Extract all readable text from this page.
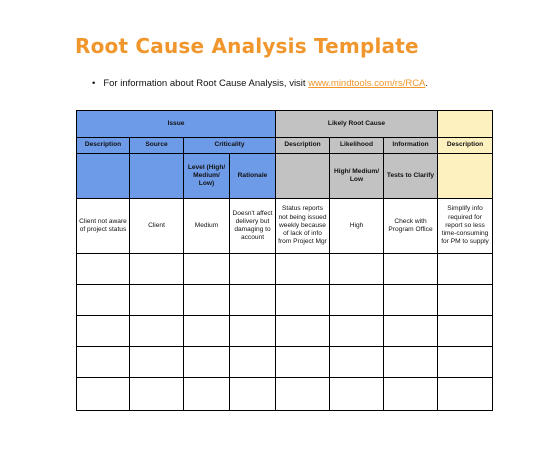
Root Cause Analysis Template
• For information about Root Cause Analysis, visit www.mindtools.com/rs/RCA.
Issue				Likely Root Cause			
Description	Source	Criticality		Description	Likelihood	Information	Description
		Level (High/ Medium/ Low)	Rationale		High/ Medium/ Low	Tests to Clarify	
Client not aware of project status	Client	Medium	Doesn't affect delivery but damaging to account	Status reports not being issued weekly because of lack of info from Project Mgr	High	Check with Program Office	Simplify info required for report so less time-consuming for PM to supply
